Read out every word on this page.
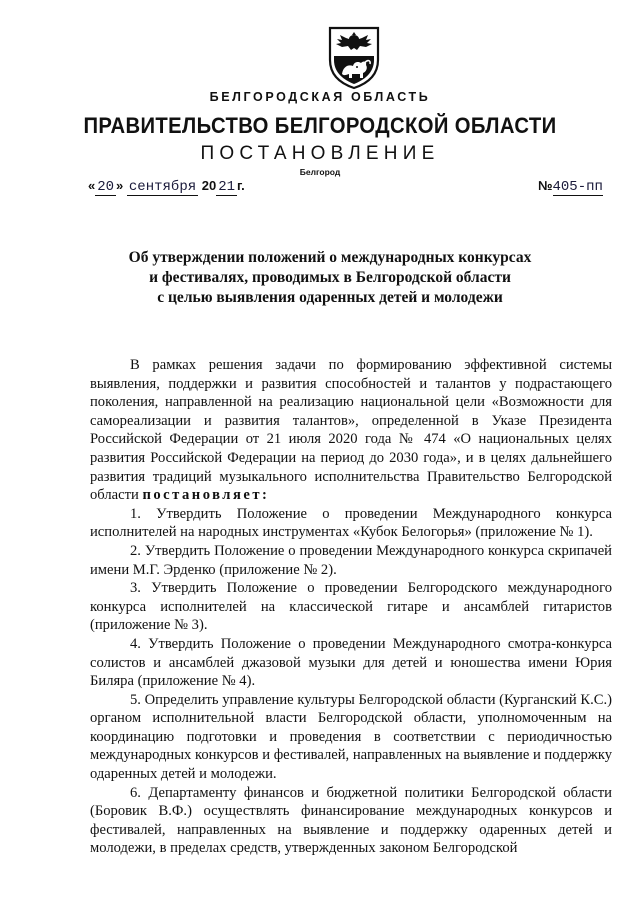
БЕЛГОРОДСКАЯ ОБЛАСТЬ
ПРАВИТЕЛЬСТВО БЕЛГОРОДСКОЙ ОБЛАСТИ
ПОСТАНОВЛЕНИЕ
Белгород
« 20 » сентября 20 21 г.	№405-пп
Об утверждении положений о международных конкурсах
и фестивалях, проводимых в Белгородской области
с целью выявления одаренных детей и молодежи

В рамках решения задачи по формированию эффективной системы выявления, поддержки и развития способностей и талантов у подрастающего поколения, направленной на реализацию национальной цели «Возможности для самореализации и развития талантов», определенной в Указе Президента Российской Федерации от 21 июля 2020 года № 474 «О национальных целях развития Российской Федерации на период до 2030 года», и в целях дальнейшего развития традиций музыкального исполнительства Правительство Белгородской области постановляет:

1. Утвердить Положение о проведении Международного конкурса исполнителей на народных инструментах «Кубок Белогорья» (приложение № 1).

2. Утвердить Положение о проведении Международного конкурса скрипачей имени М.Г. Эрденко (приложение № 2).

3. Утвердить Положение о проведении Белгородского международного конкурса исполнителей на классической гитаре и ансамблей гитаристов (приложение № 3).

4. Утвердить Положение о проведении Международного смотра-конкурса солистов и ансамблей джазовой музыки для детей и юношества имени Юрия Биляра (приложение № 4).

5. Определить управление культуры Белгородской области (Курганский К.С.) органом исполнительной власти Белгородской области, уполномоченным на координацию подготовки и проведения в соответствии с периодичностью международных конкурсов и фестивалей, направленных на выявление и поддержку одаренных детей и молодежи.

6. Департаменту финансов и бюджетной политики Белгородской области (Боровик В.Ф.) осуществлять финансирование международных конкурсов и фестивалей, направленных на выявление и поддержку одаренных детей и молодежи, в пределах средств, утвержденных законом Белгородской
